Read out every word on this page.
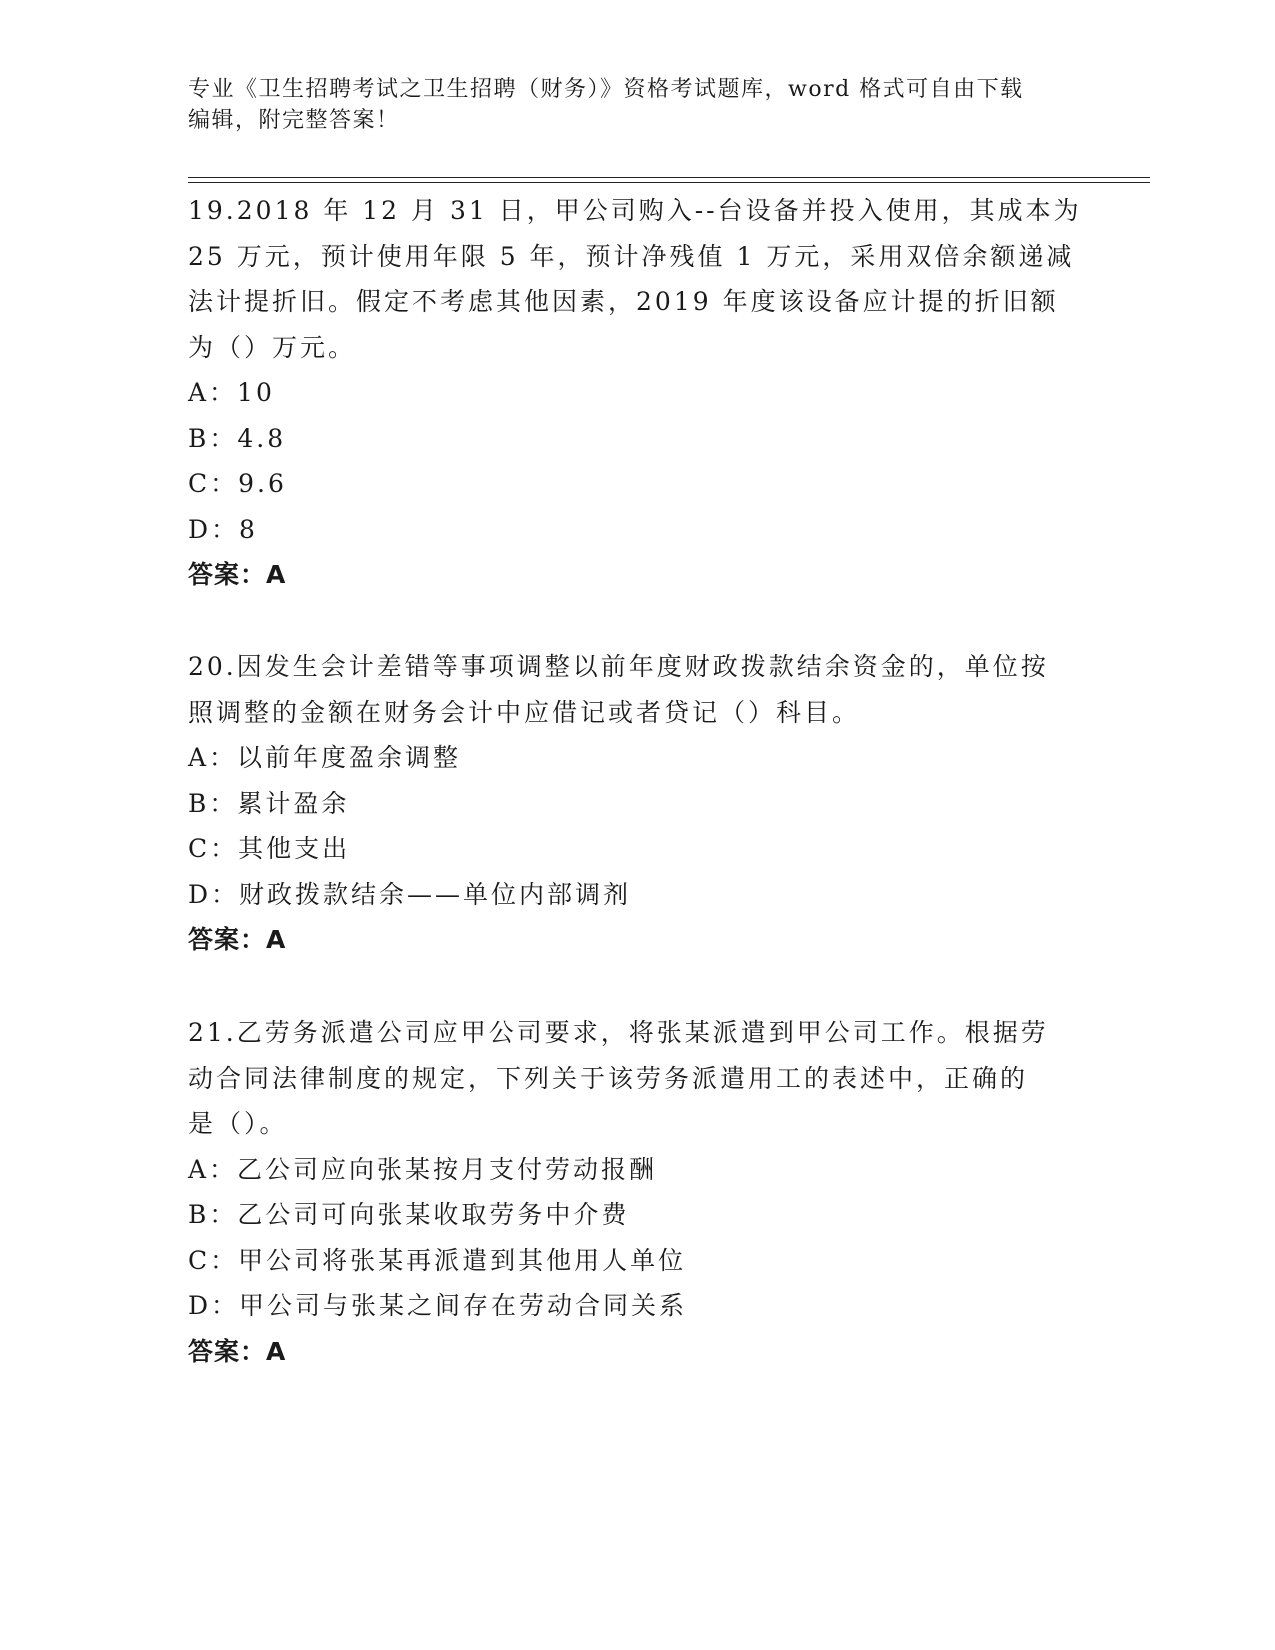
专业《卫生招聘考试之卫生招聘（财务）》资格考试题库，word 格式可自由下载
编辑，附完整答案！
19.2018 年 12 月 31 日，甲公司购入--台设备并投入使用，其成本为
25 万元，预计使用年限 5 年，预计净残值 1 万元，采用双倍余额递减
法计提折旧。假定不考虑其他因素，2019 年度该设备应计提的折旧额
为（）万元。
A：10
B：4.8
C：9.6
D：8
答案：A
20.因发生会计差错等事项调整以前年度财政拨款结余资金的，单位按
照调整的金额在财务会计中应借记或者贷记（）科目。
A：以前年度盈余调整
B：累计盈余
C：其他支出
D：财政拨款结余——单位内部调剂
答案：A
21.乙劳务派遣公司应甲公司要求，将张某派遣到甲公司工作。根据劳
动合同法律制度的规定，下列关于该劳务派遣用工的表述中，正确的
是（）。
A：乙公司应向张某按月支付劳动报酬
B：乙公司可向张某收取劳务中介费
C：甲公司将张某再派遣到其他用人单位
D：甲公司与张某之间存在劳动合同关系
答案：A
